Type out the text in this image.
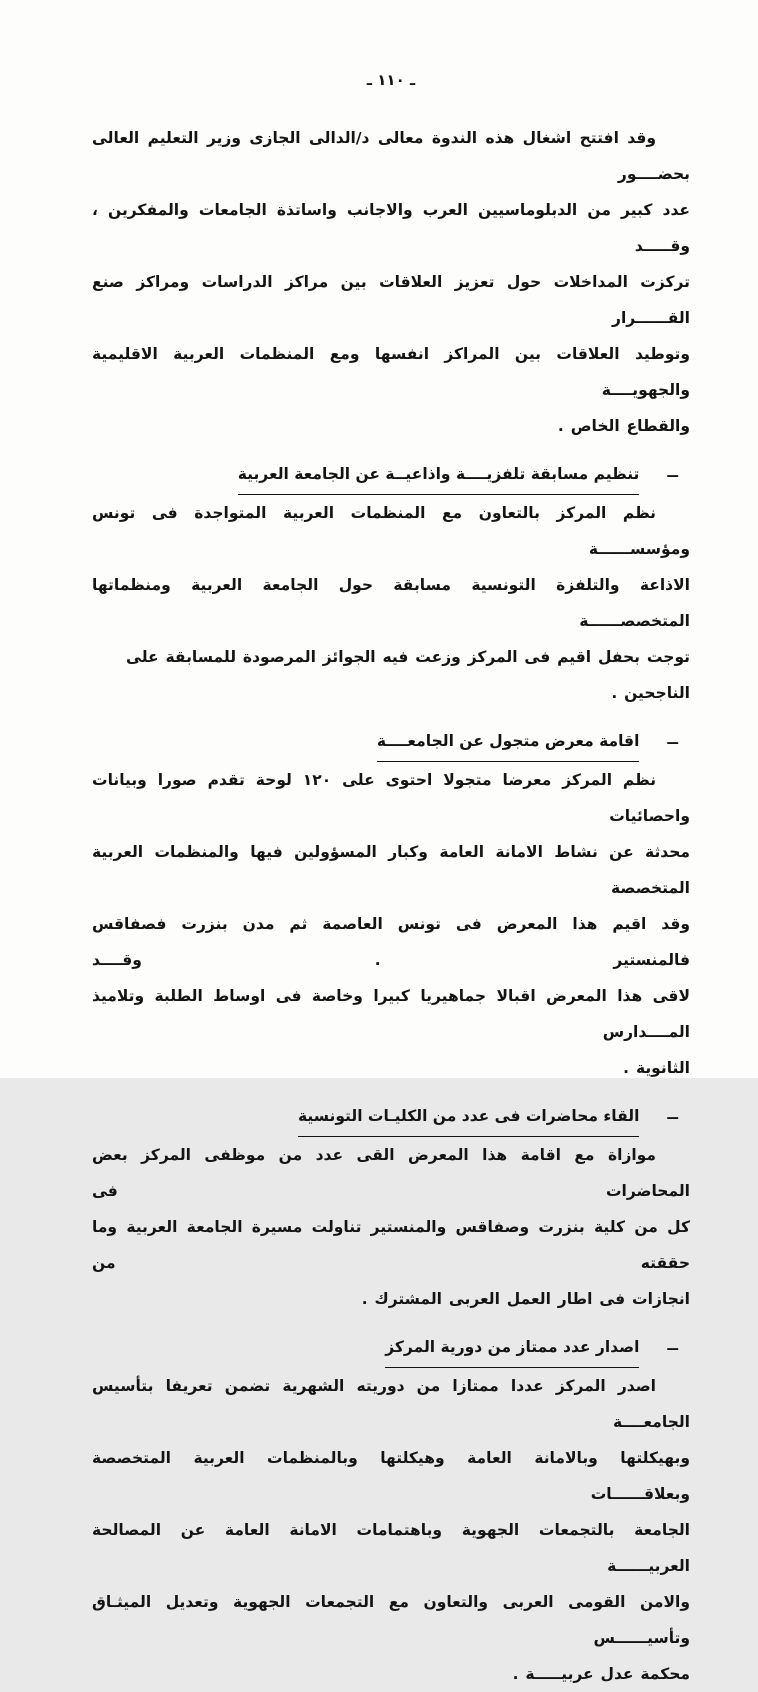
ـ ١١٠ ـ
وقد افتتح اشغال هذه الندوة معالى د/الدالى الجازى وزير التعليم العالى بحضــــور
عدد كبير من الدبلوماسيين العرب والاجانب واساتذة الجامعات والمفكرين ، وقـــــد
تركزت المداخلات حول تعزيز العلاقات بين مراكز الدراسات ومراكز صنع القــــــرار
وتوطيد العلاقات بين المراكز انفسها ومع المنظمات العربية الاقليمية والجهويــــة
والقطاع الخاص .
ــ
تنظيم مسابقة تلفزيــــة واذاعيــة عن الجامعة العربية
نظم المركز بالتعاون مع المنظمات العربية المتواجدة فى تونس ومؤسســــــة
الاذاعة والتلفزة التونسية مسابقة حول الجامعة العربية ومنظماتها المتخصصــــــة
توجت بحفل اقيم فى المركز وزعت فيه الجوائز المرصودة للمسابقة على الناجحين .
ــ
اقامة معرض متجول عن الجامعــــة
نظم المركز معرضا متجولا احتوى على ١٢٠ لوحة تقدم صورا وبيانات واحصائيات
محدثة عن نشاط الامانة العامة وكبار المسؤولين فيها والمنظمات العربية المتخصصة
وقد اقيم هذا المعرض فى تونس العاصمة ثم مدن بنزرت فصفاقس فالمنستير . وقــــد
لاقى هذا المعرض اقبالا جماهيريا كبيرا وخاصة فى اوساط الطلبة وتلاميذ المــــدارس
الثانوية .
ــ
القاء محاضرات فى عدد من الكليـات التونسية
موازاة مع اقامة هذا المعرض القى عدد من موظفى المركز بعض المحاضرات فى
كل من كلية بنزرت وصفاقس والمنستير تناولت مسيرة الجامعة العربية وما حققته من
انجازات فى اطار العمل العربى المشترك .
ــ
اصدار عدد ممتاز من دورية المركز
اصدر المركز عددا ممتازا من دوريته الشهرية تضمن تعريفا بتأسيس الجامعــــة
وبهيكلتها وبالامانة العامة وهيكلتها وبالمنظمات العربية المتخصصة وبعلاقــــــات
الجامعة بالتجمعات الجهوية وباهتمامات الامانة العامة عن المصالحة العربيــــــة
والامن القومى العربى والتعاون مع التجمعات الجهوية وتعديل الميثـاق وتأسيــــــس
محكمة عدل عربيـــــة .
